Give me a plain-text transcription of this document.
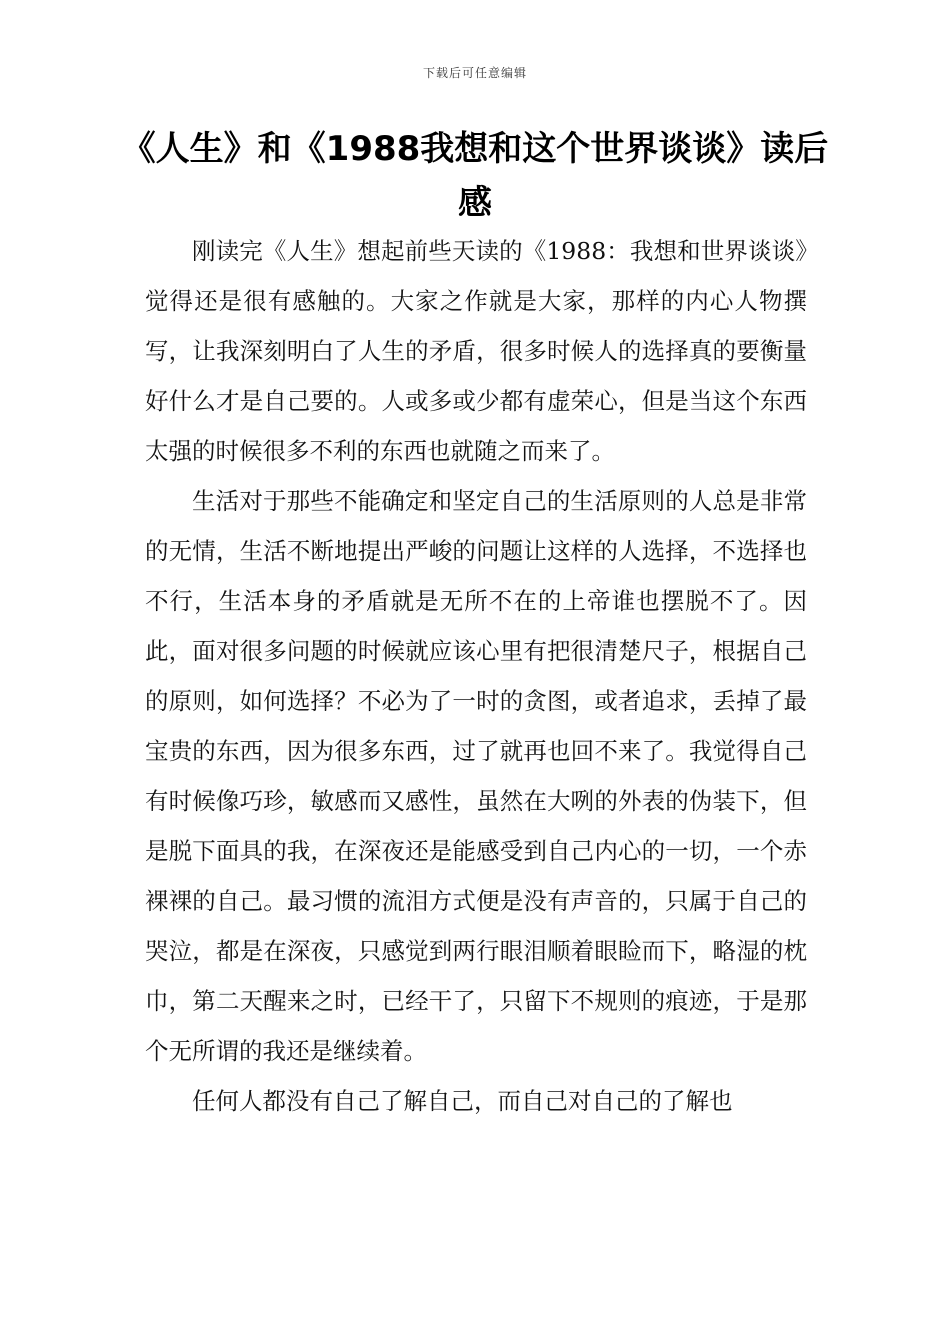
下载后可任意编辑
《人生》和《1988我想和这个世界谈谈》读后感

刚读完《人生》想起前些天读的《1988：我想和世界谈谈》觉得还是很有感触的。大家之作就是大家，那样的内心人物撰写，让我深刻明白了人生的矛盾，很多时候人的选择真的要衡量好什么才是自己要的。人或多或少都有虚荣心，但是当这个东西太强的时候很多不利的东西也就随之而来了。

生活对于那些不能确定和坚定自己的生活原则的人总是非常的无情，生活不断地提出严峻的问题让这样的人选择，不选择也不行，生活本身的矛盾就是无所不在的上帝谁也摆脱不了。因此，面对很多问题的时候就应该心里有把很清楚尺子，根据自己的原则，如何选择？不必为了一时的贪图，或者追求，丢掉了最宝贵的东西，因为很多东西，过了就再也回不来了。我觉得自己有时候像巧珍，敏感而又感性，虽然在大咧的外表的伪装下，但是脱下面具的我，在深夜还是能感受到自己内心的一切，一个赤裸裸的自己。最习惯的流泪方式便是没有声音的，只属于自己的哭泣，都是在深夜，只感觉到两行眼泪顺着眼睑而下，略湿的枕巾，第二天醒来之时，已经干了，只留下不规则的痕迹，于是那个无所谓的我还是继续着。

任何人都没有自己了解自己，而自己对自己的了解也
